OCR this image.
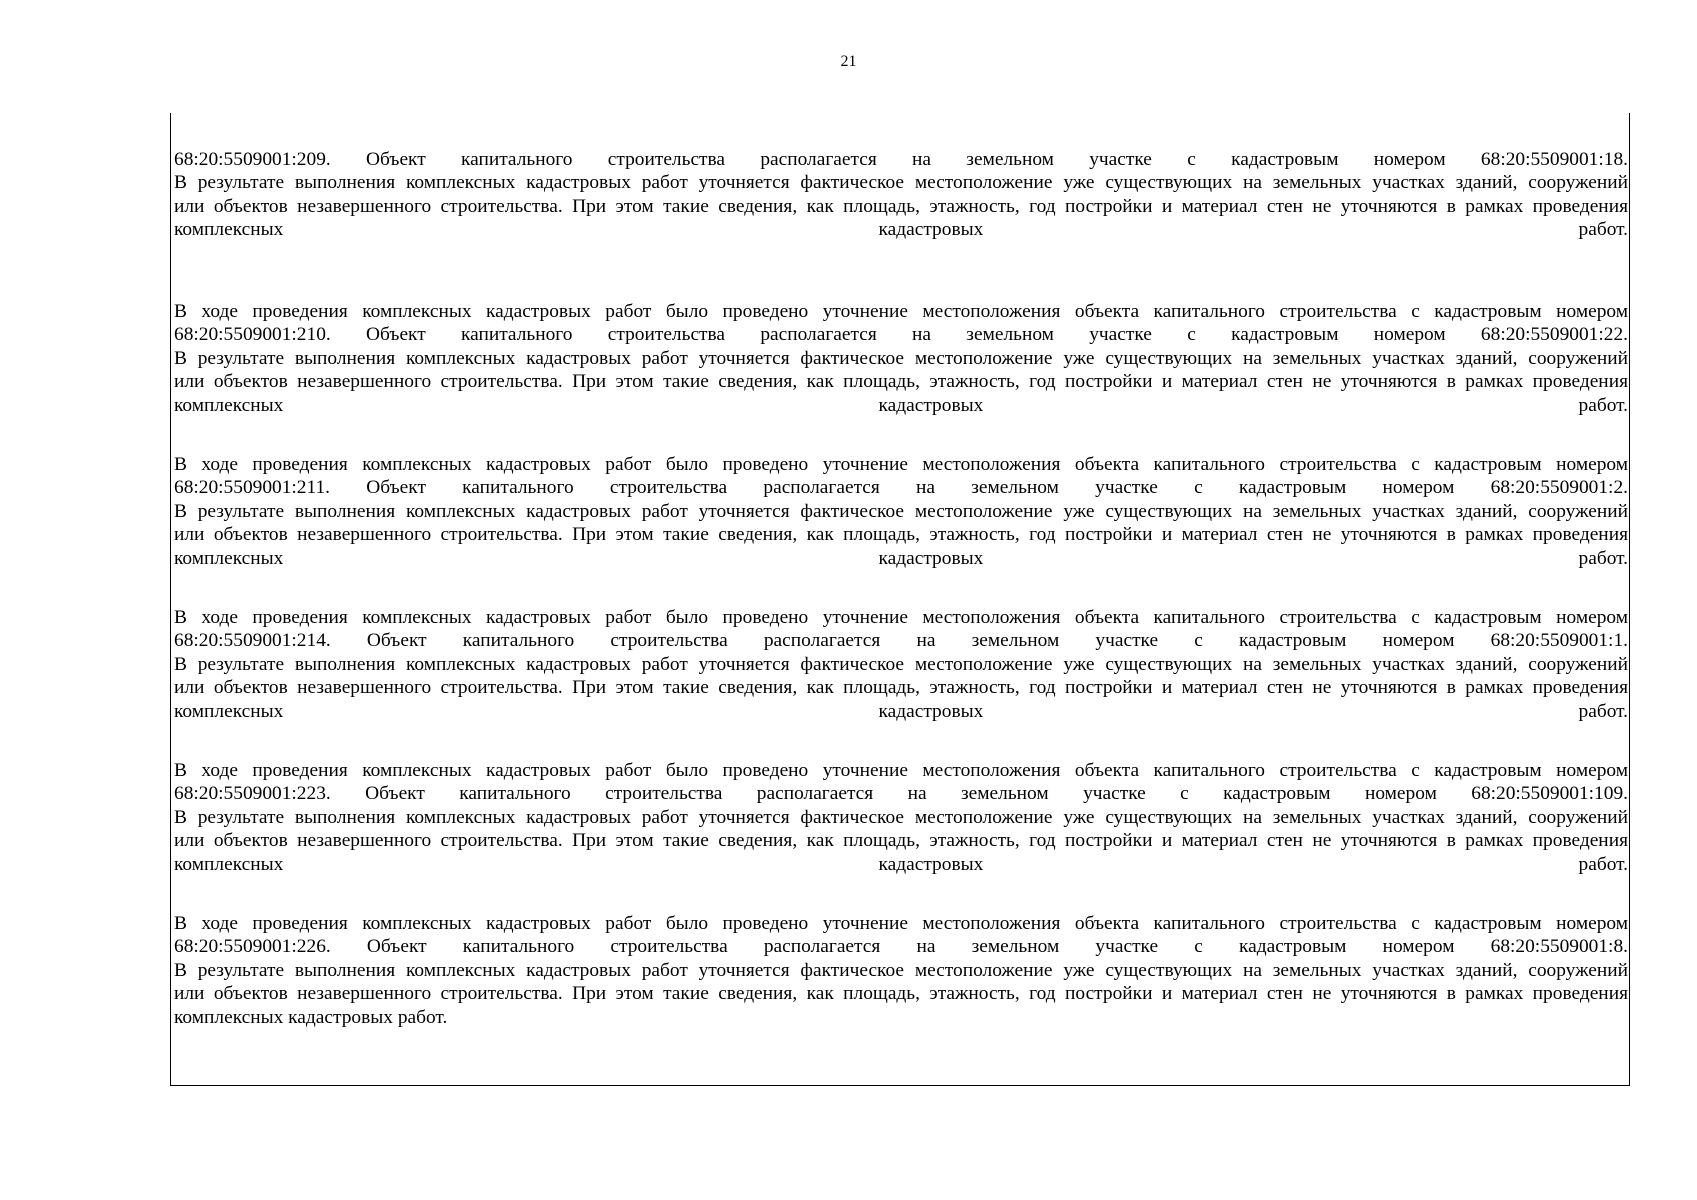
21
68:20:5509001:209. Объект капитального строительства располагается на земельном участке с кадастровым номером 68:20:5509001:18.
В результате выполнения комплексных кадастровых работ уточняется фактическое местоположение уже существующих на земельных участках зданий, сооружений
или объектов незавершенного строительства. При этом такие сведения, как площадь, этажность, год постройки и материал стен не уточняются в рамках проведения
комплексных кадастровых работ.
В ходе проведения комплексных кадастровых работ было проведено уточнение местоположения объекта капитального строительства с кадастровым номером
68:20:5509001:210. Объект капитального строительства располагается на земельном участке с кадастровым номером 68:20:5509001:22.
В результате выполнения комплексных кадастровых работ уточняется фактическое местоположение уже существующих на земельных участках зданий, сооружений
или объектов незавершенного строительства. При этом такие сведения, как площадь, этажность, год постройки и материал стен не уточняются в рамках проведения
комплексных кадастровых работ.
В ходе проведения комплексных кадастровых работ было проведено уточнение местоположения объекта капитального строительства с кадастровым номером
68:20:5509001:211. Объект капитального строительства располагается на земельном участке с кадастровым номером 68:20:5509001:2.
В результате выполнения комплексных кадастровых работ уточняется фактическое местоположение уже существующих на земельных участках зданий, сооружений
или объектов незавершенного строительства. При этом такие сведения, как площадь, этажность, год постройки и материал стен не уточняются в рамках проведения
комплексных кадастровых работ.
В ходе проведения комплексных кадастровых работ было проведено уточнение местоположения объекта капитального строительства с кадастровым номером
68:20:5509001:214. Объект капитального строительства располагается на земельном участке с кадастровым номером 68:20:5509001:1.
В результате выполнения комплексных кадастровых работ уточняется фактическое местоположение уже существующих на земельных участках зданий, сооружений
или объектов незавершенного строительства. При этом такие сведения, как площадь, этажность, год постройки и материал стен не уточняются в рамках проведения
комплексных кадастровых работ.
В ходе проведения комплексных кадастровых работ было проведено уточнение местоположения объекта капитального строительства с кадастровым номером
68:20:5509001:223. Объект капитального строительства располагается на земельном участке с кадастровым номером 68:20:5509001:109.
В результате выполнения комплексных кадастровых работ уточняется фактическое местоположение уже существующих на земельных участках зданий, сооружений
или объектов незавершенного строительства. При этом такие сведения, как площадь, этажность, год постройки и материал стен не уточняются в рамках проведения
комплексных кадастровых работ.
В ходе проведения комплексных кадастровых работ было проведено уточнение местоположения объекта капитального строительства с кадастровым номером
68:20:5509001:226. Объект капитального строительства располагается на земельном участке с кадастровым номером 68:20:5509001:8.
В результате выполнения комплексных кадастровых работ уточняется фактическое местоположение уже существующих на земельных участках зданий, сооружений
или объектов незавершенного строительства. При этом такие сведения, как площадь, этажность, год постройки и материал стен не уточняются в рамках проведения
комплексных кадастровых работ.
